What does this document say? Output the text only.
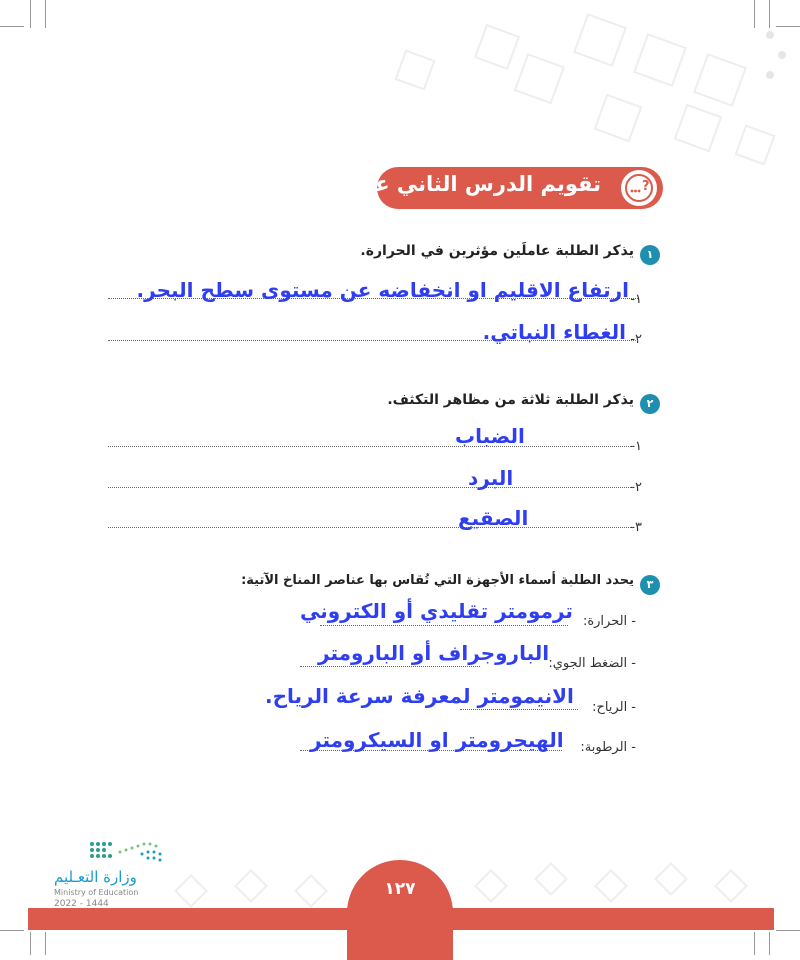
تقويم الدرس الثاني عشر	?
١
يذكر الطلبة عاملَين مؤثرين في الحرارة.
١-
ارتفاع الاقليم او انخفاضه عن مستوى سطح البحر.
٢-
الغطاء النباتي.
٢
يذكر الطلبة ثلاثة من مظاهر التكثف.
١-
الضباب
٢-
البرد
٣-
الصقيع
٣
يحدد الطلبة أسماء الأجهزة التي تُقاس بها عناصر المناخ الآتية:
- الحرارة:
ترمومتر تقليدي أو الكتروني
- الضغط الجوي:
الباروجراف أو البارومتر
- الرياح:
الانيمومتر لمعرفة سرعة الرياح.
- الرطوبة:
الهيجرومتر او السيكرومتر
١٢٧
وزارة التعـليم
Ministry of Education
2022 - 1444
